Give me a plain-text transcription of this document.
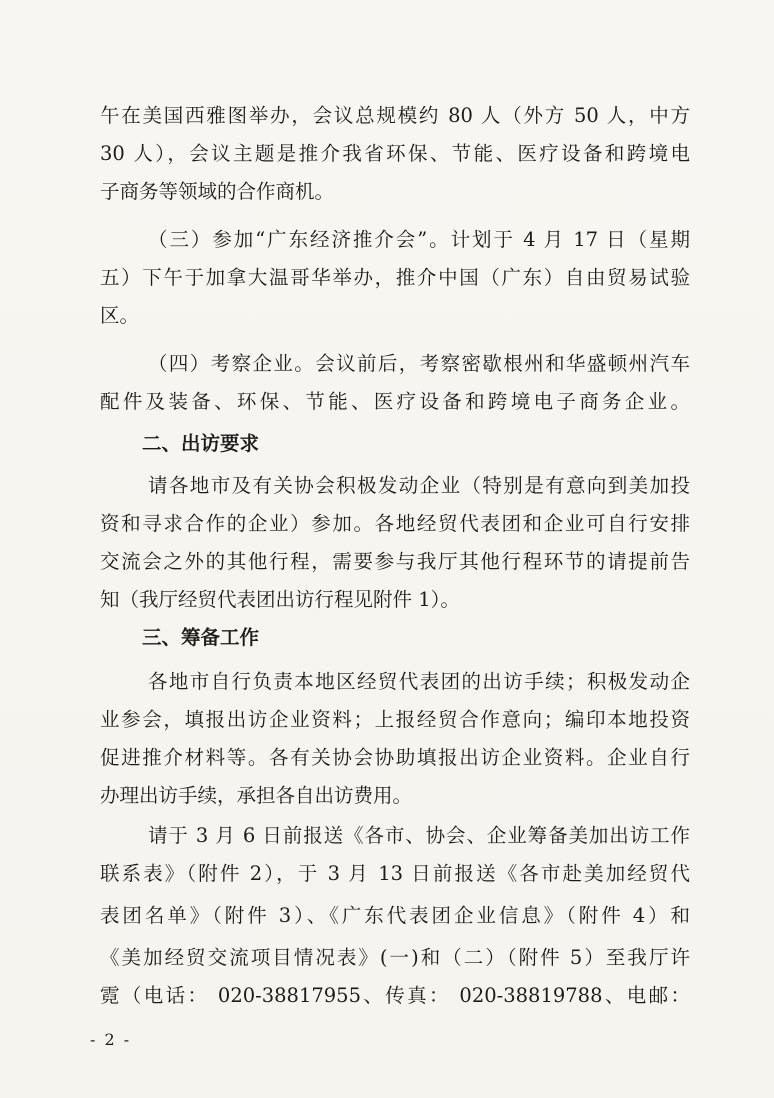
午在美国西雅图举办，会议总规模约 80 人（外方 50 人，中方
30 人），会议主题是推介我省环保、节能、医疗设备和跨境电
子商务等领域的合作商机。
（三）参加“广东经济推介会”。计划于 4 月 17 日（星期
五）下午于加拿大温哥华举办，推介中国（广东）自由贸易试验
区。
（四）考察企业。会议前后，考察密歇根州和华盛顿州汽车
配件及装备、环保、节能、医疗设备和跨境电子商务企业。
二、出访要求
请各地市及有关协会积极发动企业（特别是有意向到美加投
资和寻求合作的企业）参加。各地经贸代表团和企业可自行安排
交流会之外的其他行程，需要参与我厅其他行程环节的请提前告
知（我厅经贸代表团出访行程见附件 1）。
三、筹备工作
各地市自行负责本地区经贸代表团的出访手续；积极发动企
业参会，填报出访企业资料；上报经贸合作意向；编印本地投资
促进推介材料等。各有关协会协助填报出访企业资料。企业自行
办理出访手续，承担各自出访费用。
请于 3 月 6 日前报送《各市、协会、企业筹备美加出访工作
联系表》（附件 2），于 3 月 13 日前报送《各市赴美加经贸代
表团名单》（附件 3）、《广东代表团企业信息》（附件 4）和
《美加经贸交流项目情况表》(一)和（二）（附件 5）至我厅许
霓（电话： 020-38817955、传真： 020-38819788、电邮：
- 2 -
